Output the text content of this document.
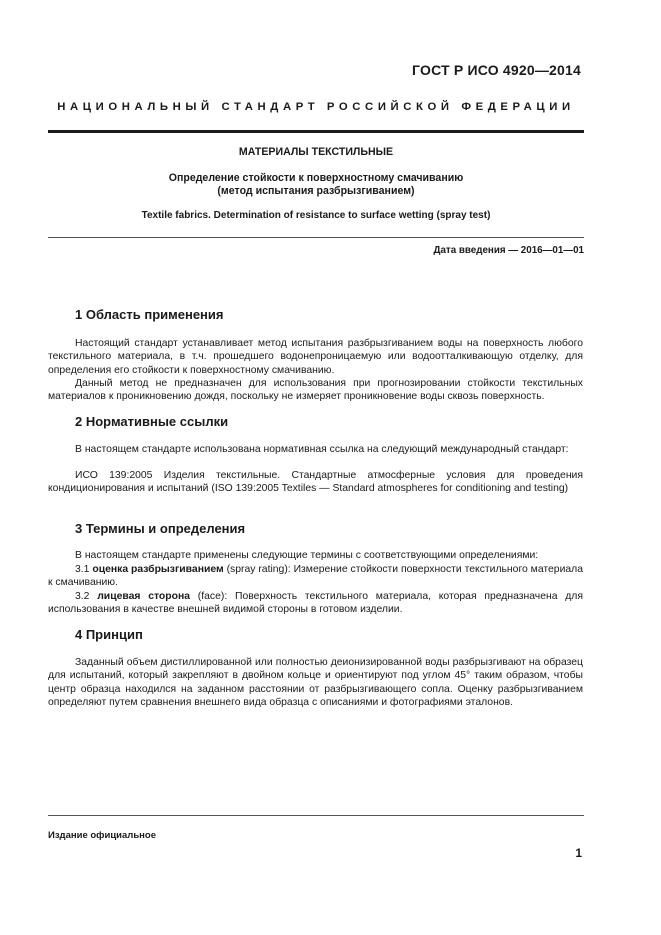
ГОСТ Р ИСО 4920—2014
НАЦИОНАЛЬНЫЙ СТАНДАРТ РОССИЙСКОЙ ФЕДЕРАЦИИ
МАТЕРИАЛЫ ТЕКСТИЛЬНЫЕ
Определение стойкости к поверхностному смачиванию
(метод испытания разбрызгиванием)
Textile fabrics. Determination of resistance to surface wetting (spray test)
Дата введения — 2016—01—01
1 Область применения
Настоящий стандарт устанавливает метод испытания разбрызгиванием воды на поверхность любого текстильного материала, в т.ч. прошедшего водонепроницаемую или водоотталкивающую отделку, для определения его стойкости к поверхностному смачиванию.
Данный метод не предназначен для использования при прогнозировании стойкости текстильных материалов к проникновению дождя, поскольку не измеряет проникновение воды сквозь поверхность.
2 Нормативные ссылки
В настоящем стандарте использована нормативная ссылка на следующий международный стандарт:
ИСО 139:2005 Изделия текстильные. Стандартные атмосферные условия для проведения кондиционирования и испытаний (ISO 139:2005 Textiles — Standard atmospheres for conditioning and testing)
3 Термины и определения
В настоящем стандарте применены следующие термины с соответствующими определениями:
3.1 оценка разбрызгиванием (spray rating): Измерение стойкости поверхности текстильного материала к смачиванию.
3.2 лицевая сторона (face): Поверхность текстильного материала, которая предназначена для использования в качестве внешней видимой стороны в готовом изделии.
4 Принцип
Заданный объем дистиллированной или полностью деионизированной воды разбрызгивают на образец для испытаний, который закрепляют в двойном кольце и ориентируют под углом 45° таким образом, чтобы центр образца находился на заданном расстоянии от разбрызгивающего сопла. Оценку разбрызгиванием определяют путем сравнения внешнего вида образца с описаниями и фотографиями эталонов.
Издание официальное
1
